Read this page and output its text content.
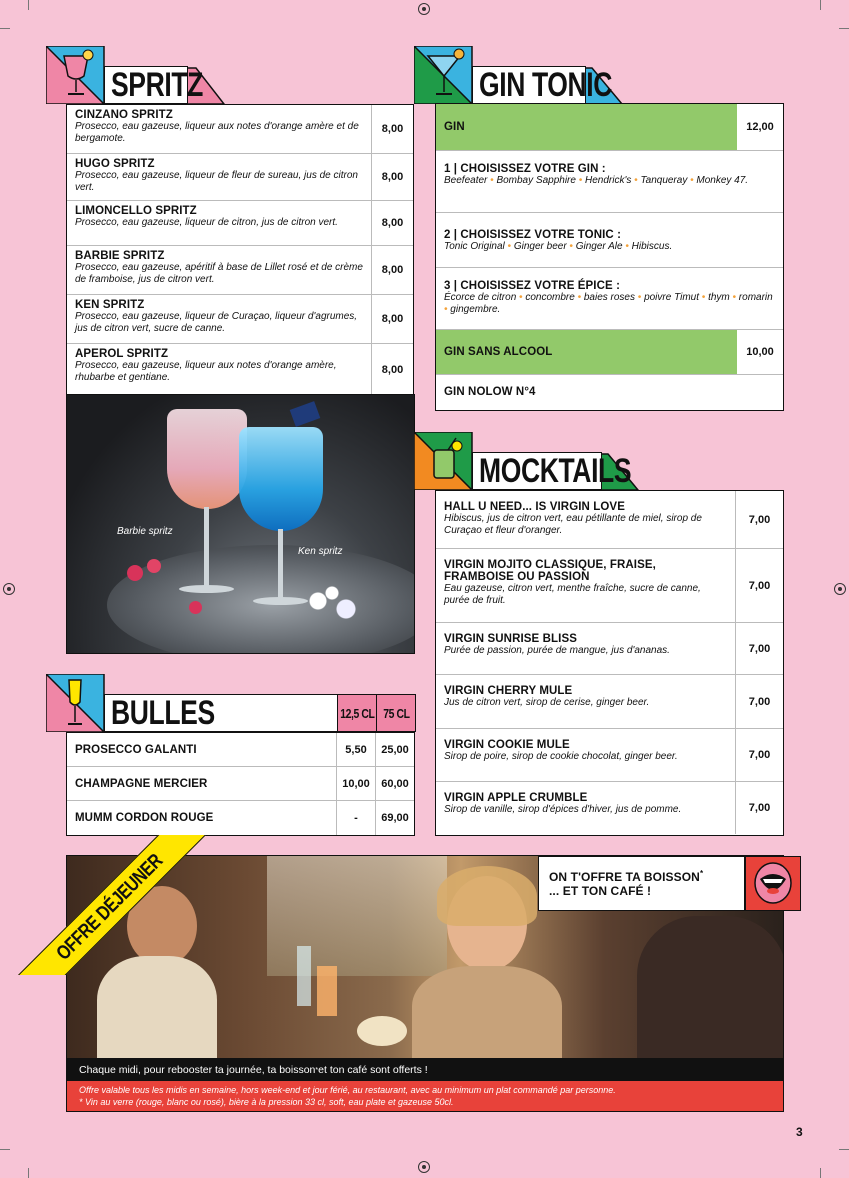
SPRITZ
CINZANO SPRITZ
Prosecco, eau gazeuse, liqueur aux notes d'orange amère et de bergamote.
8,00
HUGO SPRITZ
Prosecco, eau gazeuse, liqueur de fleur de sureau, jus de citron vert.
8,00
LIMONCELLO SPRITZ
Prosecco, eau gazeuse, liqueur de citron, jus de citron vert.	8,00
BARBIE SPRITZ
Prosecco, eau gazeuse, apéritif à base de Lillet rosé et de crème de framboise, jus de citron vert.
8,00
KEN SPRITZ
Prosecco, eau gazeuse, liqueur de Curaçao, liqueur d'agrumes, jus de citron vert, sucre de canne.
8,00
APEROL SPRITZ
Prosecco, eau gazeuse, liqueur aux notes d'orange amère, rhubarbe et gentiane.
8,00
Barbie spritz
Ken spritz
GIN TONIC
GIN	12,00
1 | CHOISISSEZ VOTRE GIN :
Beefeater • Bombay Sapphire • Hendrick's • Tanqueray • Monkey 47.
2 | CHOISISSEZ VOTRE TONIC :
Tonic Original • Ginger beer • Ginger Ale • Hibiscus.
3 | CHOISISSEZ VOTRE ÉPICE :
Écorce de citron • concombre • baies roses • poivre Timut • thym • romarin • gingembre.
GIN SANS ALCOOL	10,00
GIN NOLOW N°4
MOCKTAILS
HALL U NEED... IS VIRGIN LOVE
Hibiscus, jus de citron vert, eau pétillante de miel, sirop de Curaçao et fleur d'oranger.
7,00
VIRGIN MOJITO CLASSIQUE, FRAISE, FRAMBOISE OU PASSION
Eau gazeuse, citron vert, menthe fraîche, sucre de canne, purée de fruit.
7,00
VIRGIN SUNRISE BLISS
Purée de passion, purée de mangue, jus d'ananas.	7,00
VIRGIN CHERRY MULE
Jus de citron vert, sirop de cerise, ginger beer.	7,00
VIRGIN COOKIE MULE
Sirop de poire, sirop de cookie chocolat, ginger beer.	7,00
VIRGIN APPLE CRUMBLE
Sirop de vanille, sirop d'épices d'hiver, jus de pomme.	7,00
BULLES	12,5 CL 75 CL
PROSECCO GALANTI	5,50 25,00
CHAMPAGNE MERCIER	10,00 60,00
MUMM CORDON ROUGE	- 69,00
OFFRE DÉJEUNER	ON T'OFFRE TA BOISSON*
... ET TON CAFÉ !
Chaque midi, pour rebooster ta journée, ta boisson * et ton café sont offerts !
Offre valable tous les midis en semaine, hors week-end et jour férié, au restaurant, avec au minimum un plat commandé par personne.
* Vin au verre (rouge, blanc ou rosé), bière à la pression 33 cl, soft, eau plate et gazeuse 50cl.
3
